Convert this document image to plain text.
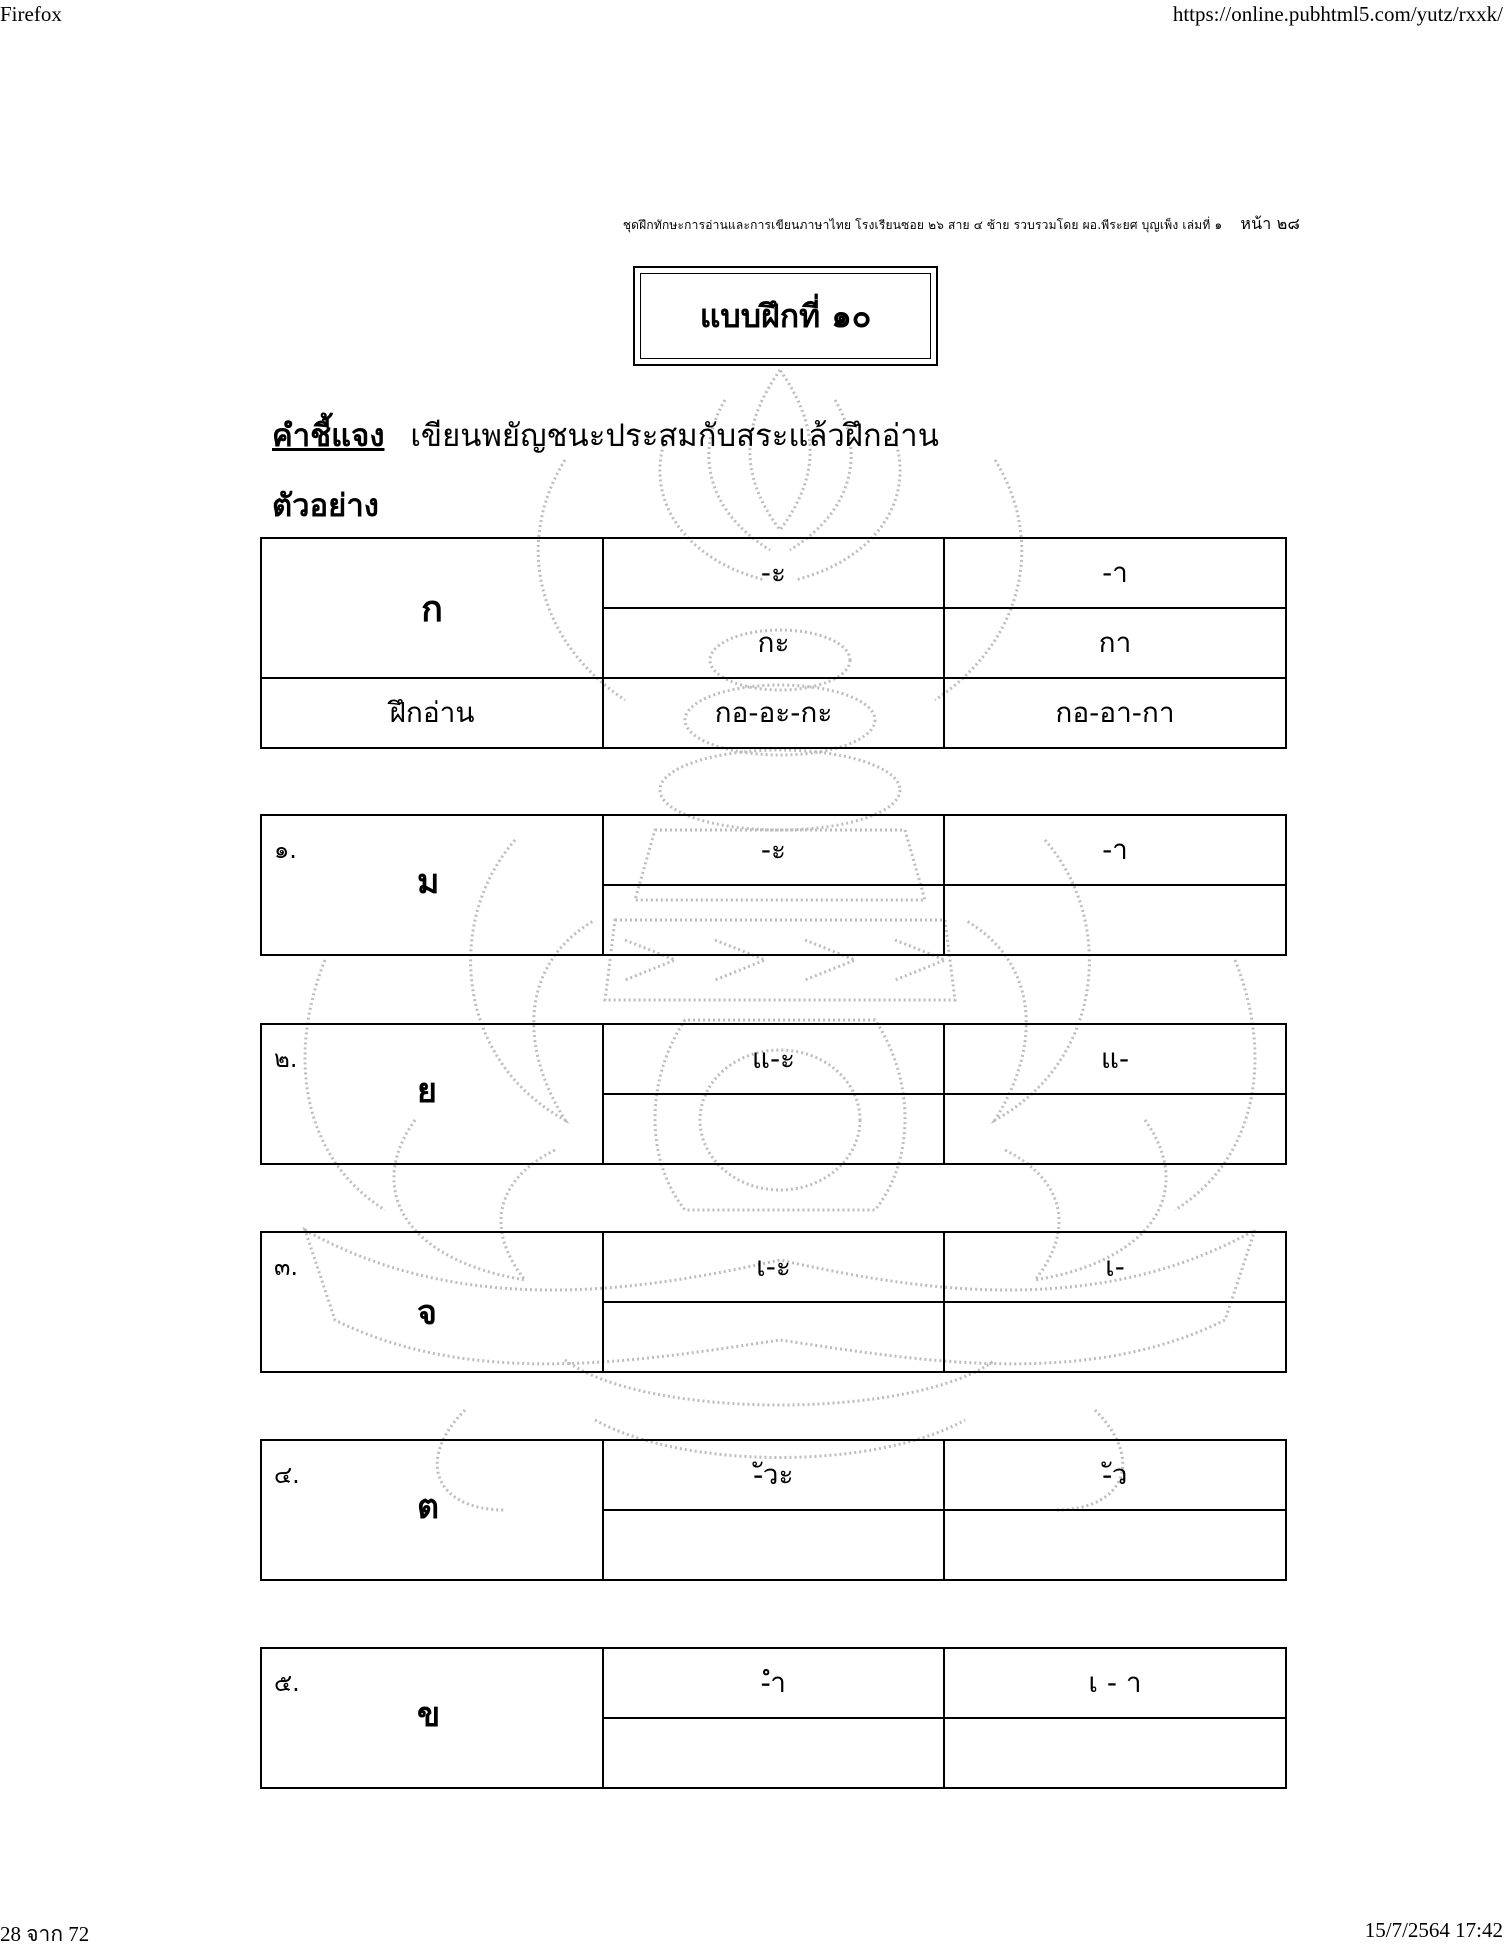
Firefox	https://online.pubhtml5.com/yutz/rxxk/
28 จาก 72	15/7/2564 17:42
ชุดฝึกทักษะการอ่านและการเขียนภาษาไทย โรงเรียนซอย ๒๖ สาย ๔ ซ้าย รวบรวมโดย ผอ.พีระยศ บุญเพ็ง เล่มที่ ๑ หน้า ๒๘
แบบฝึกที่ ๑๐
คำชี้แจง เขียนพยัญชนะประสมกับสระแล้วฝึกอ่าน
ตัวอย่าง
ก	-ะ	-า
	กะ	กา
ฝึกอ่าน	กอ-อะ-กะ	กอ-อา-กา
๑.
ม	-ะ	-า

๒.
ย	แ-ะ	แ-

๓.
จ	เ-ะ	เ-

๔.
ต	-ัวะ	-ัว

๕.
ข	-ำ	เ - า
